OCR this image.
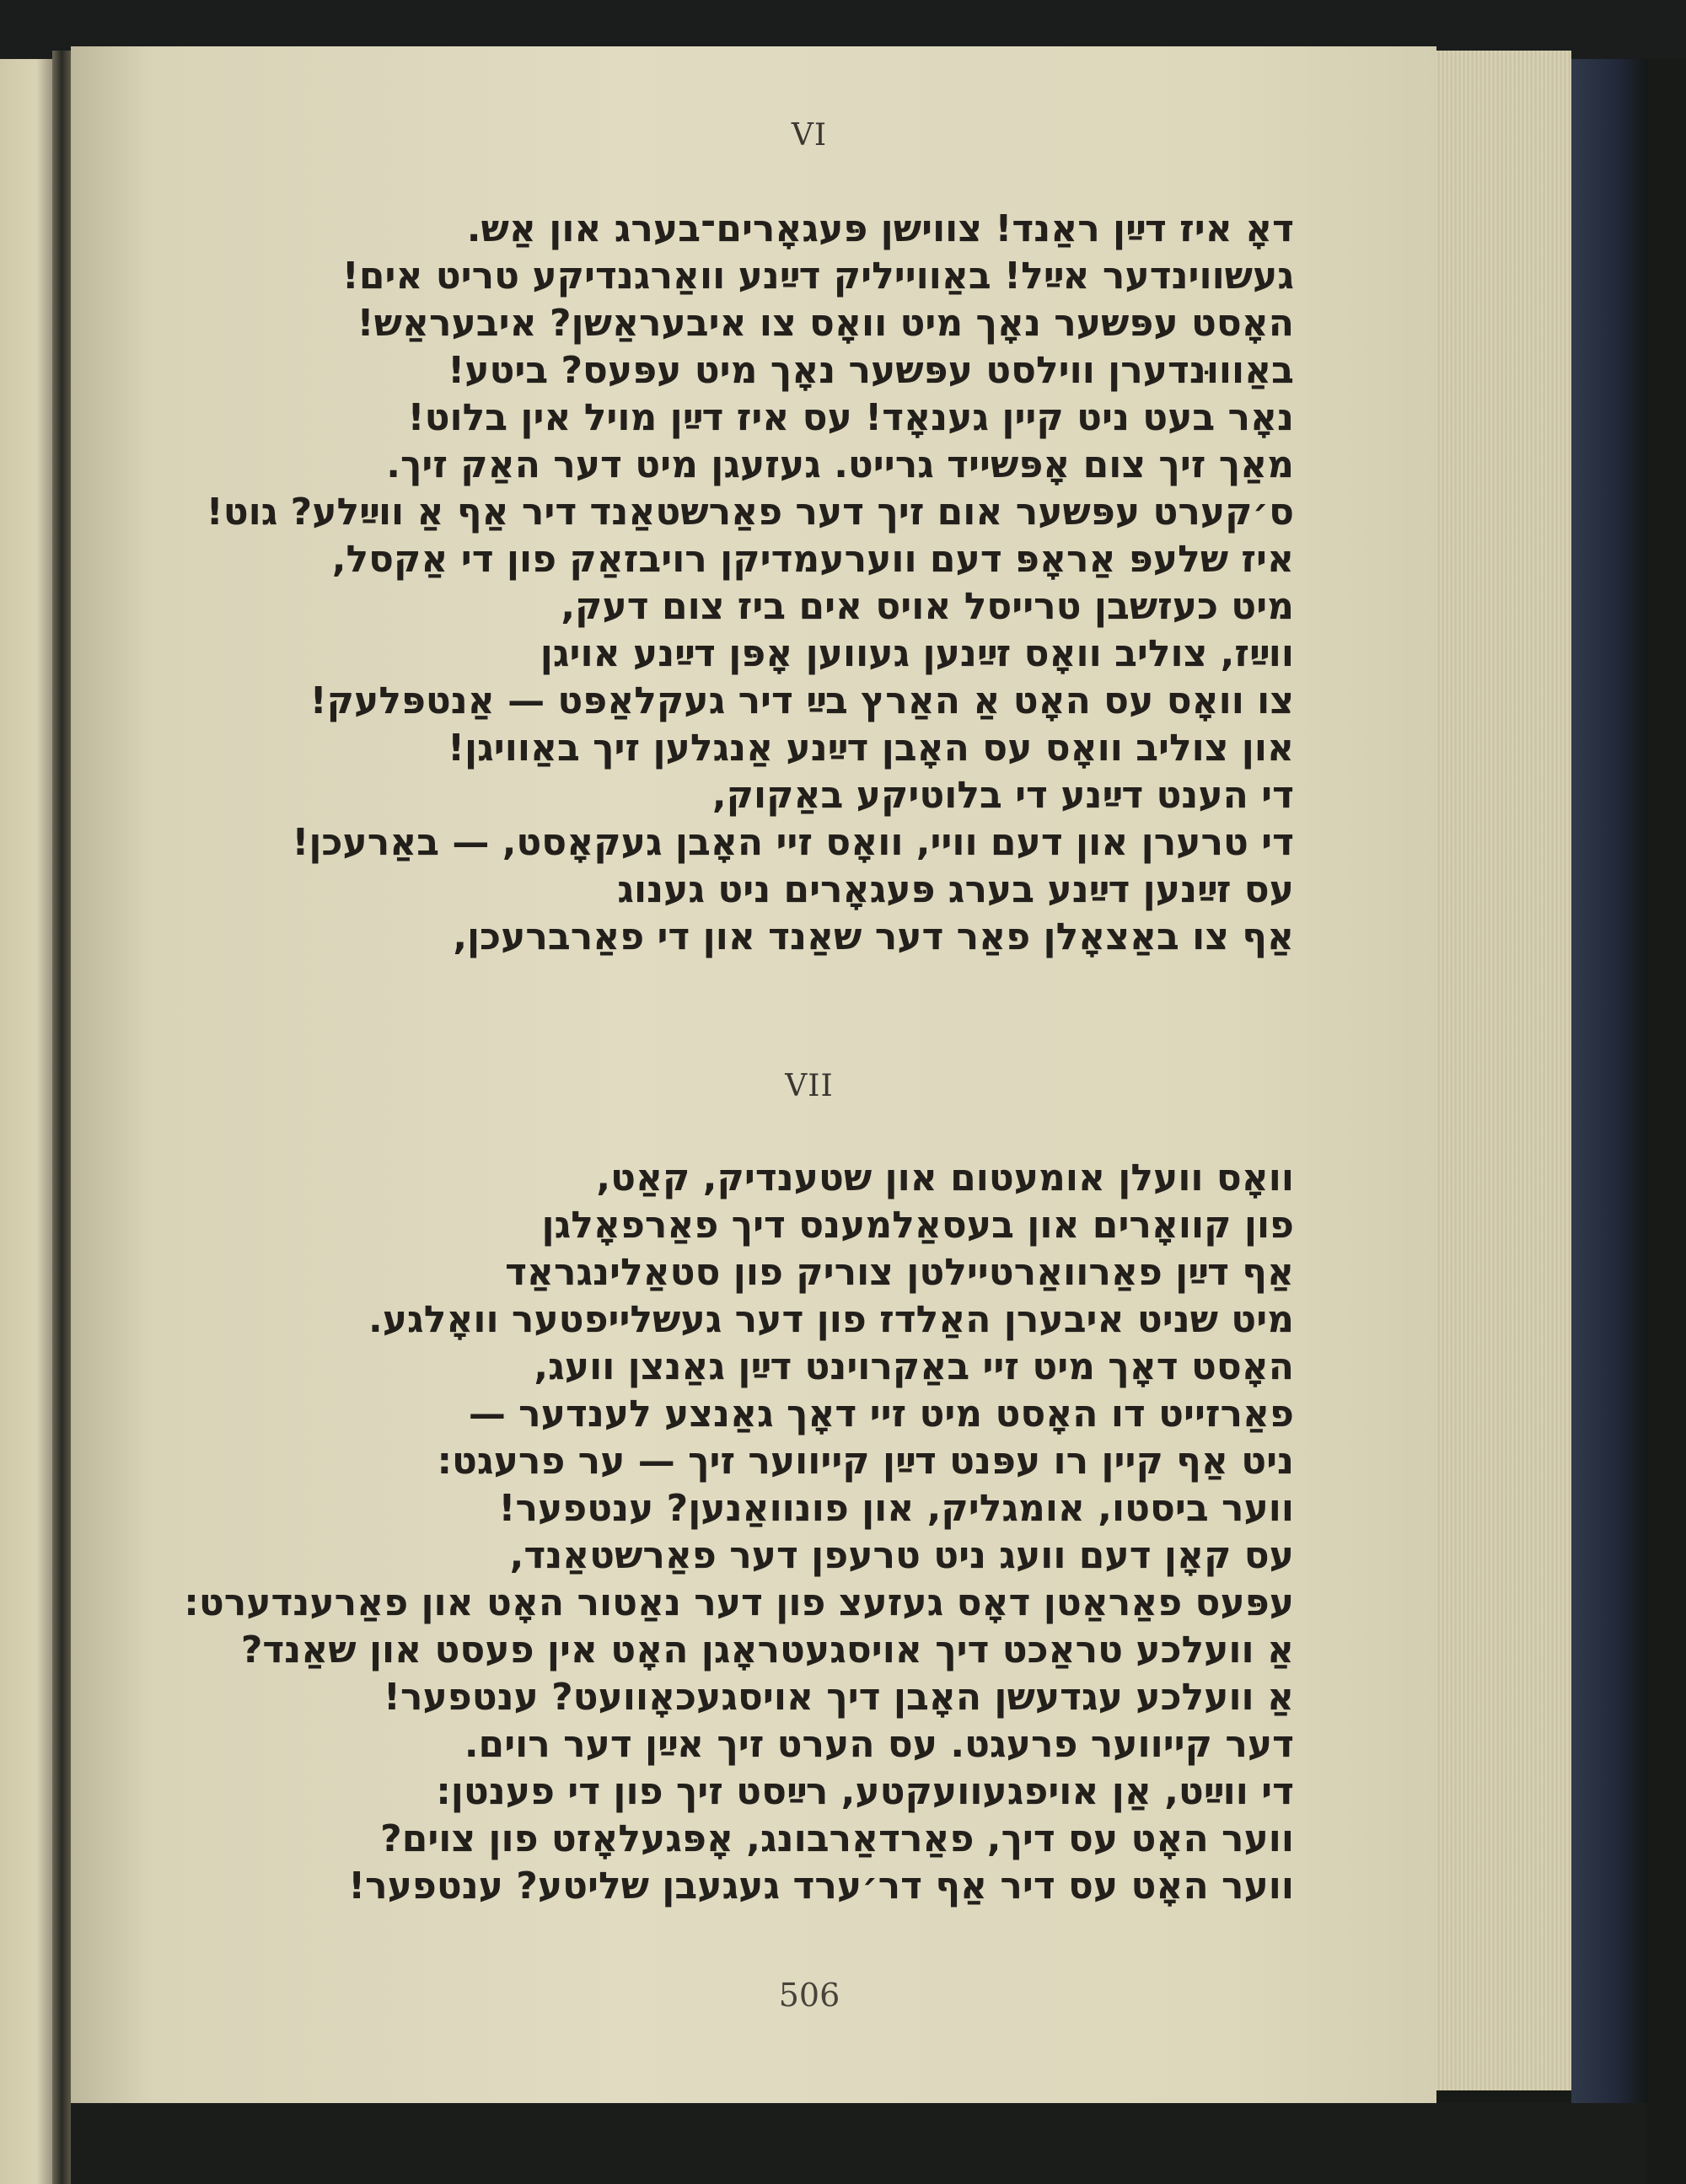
VI
דאָ איז דײַן ראַנד! צווישן פּעגאָרים־בערג און אַש.
געשווינדער אײַל! באַווייליק דײַנע וואַרגנדיקע טריט אים!
האָסט עפּשער נאָך מיט וואָס צו איבעראַשן? איבעראַש!
באַוווּנדערן ווילסט עפּשער נאָך מיט עפּעס? ביטע!
נאָר בעט ניט קיין גענאָד! עס איז דײַן מויל אין בלוט!
מאַך זיך צום אָפּשייד גרייט. געזעגן מיט דער האַק זיך.
ס׳קערט עפּשער אום זיך דער פאַרשטאַנד דיר אַף אַ ווײַלע? גוט!
איז שלעפּ אַראָפּ דעם ווערעמדיקן רויבזאַק פון די אַקסל,
מיט כעזשבן טרייסל אויס אים ביז צום דעק,
ווײַז, צוליב וואָס זײַנען געווען אָפּן דײַנע אויגן
צו וואָס עס האָט אַ האַרץ בײַ דיר געקלאַפּט — אַנטפּלעק!
און צוליב וואָס עס האָבן דײַנע אַנגלען זיך באַוויגן!
די הענט דײַנע די בלוטיקע באַקוק,
די טרערן און דעם וויי, וואָס זיי האָבן געקאָסט, — באַרעכן!
עס זײַנען דײַנע בערג פּעגאָרים ניט גענוג
אַף צו באַצאָלן פאַר דער שאַנד און די פאַרברעכן,
VII
וואָס וועלן אומעטום און שטענדיק, קאַט,
פון קוואָרים און בעסאַלמענס דיך פאַרפאָלגן
אַף דײַן פאַרוואַרטיילטן צוריק פון סטאַלינגראַד
מיט שניט איבערן האַלדז פון דער געשלייפטער וואָלגע.
האָסט דאָך מיט זיי באַקרוינט דײַן גאַנצן וועג,
פאַרזייט דו האָסט מיט זיי דאָך גאַנצע לענדער —
ניט אַף קיין רו עפּנט דײַן קייווער זיך — ער פרעגט:
ווער ביסטו, אומגליק, און פונוואַנען? ענטפער!
עס קאָן דעם וועג ניט טרעפן דער פאַרשטאַנד,
עפּעס פאַראַטן דאָס געזעצ פון דער נאַטור האָט און פאַרענדערט:
אַ וועלכע טראַכט דיך אויסגעטראָגן האָט אין פעסט און שאַנד?
אַ וועלכע עגדעשן האָבן דיך אויסגעכאָוועט? ענטפער!
דער קייווער פרעגט. עס הערט זיך אײַן דער רוים.
די ווײַט, אַן אויפגעוועקטע, רײַסט זיך פון די פענטן:
ווער האָט עס דיך, פאַרדאַרבונג, אָפּגעלאָזט פון צוים?
ווער האָט עס דיר אַף דר׳ערד געגעבן שליטע? ענטפער!
506
